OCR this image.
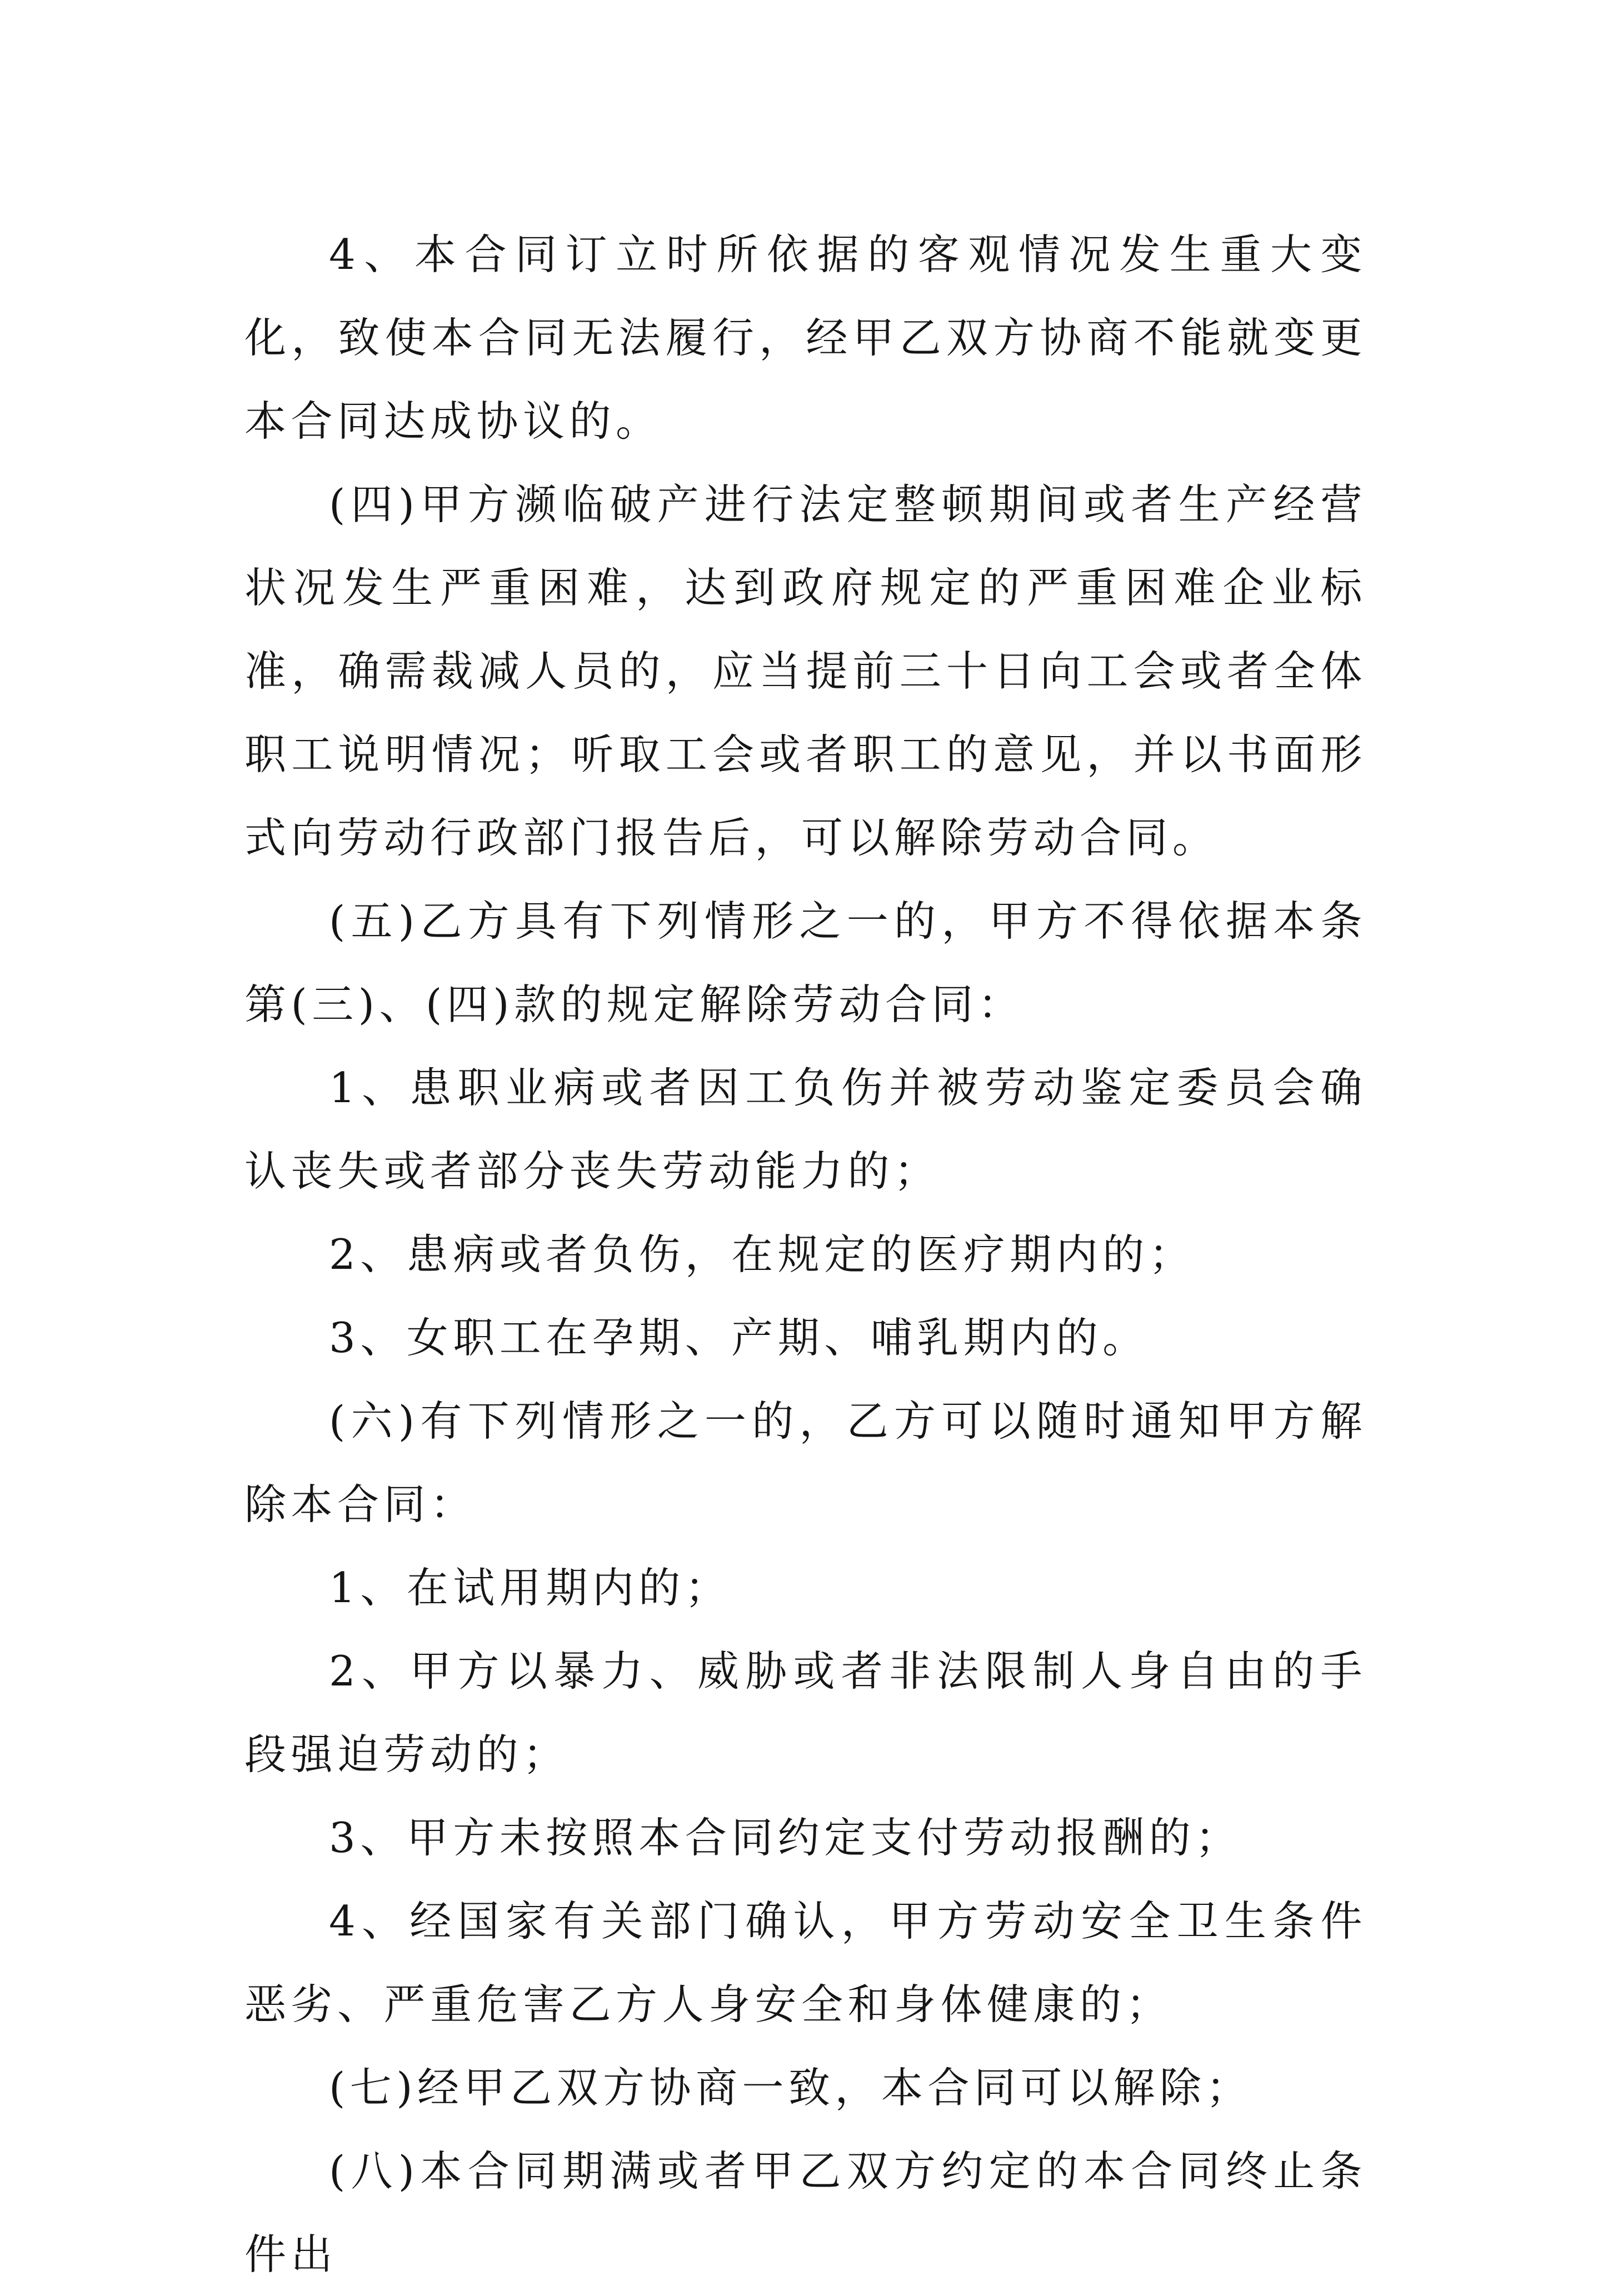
4、本合同订立时所依据的客观情况发生重大变化，致使本合同无法履行，经甲乙双方协商不能就变更本合同达成协议的。

(四)甲方濒临破产进行法定整顿期间或者生产经营状况发生严重困难，达到政府规定的严重困难企业标准，确需裁减人员的，应当提前三十日向工会或者全体职工说明情况；听取工会或者职工的意见，并以书面形式向劳动行政部门报告后，可以解除劳动合同。

(五)乙方具有下列情形之一的，甲方不得依据本条第(三)、(四)款的规定解除劳动合同：

1、患职业病或者因工负伤并被劳动鉴定委员会确认丧失或者部分丧失劳动能力的；

2、患病或者负伤，在规定的医疗期内的；

3、女职工在孕期、产期、哺乳期内的。

(六)有下列情形之一的，乙方可以随时通知甲方解除本合同：

1、在试用期内的；

2、甲方以暴力、威胁或者非法限制人身自由的手段强迫劳动的；

3、甲方未按照本合同约定支付劳动报酬的；

4、经国家有关部门确认，甲方劳动安全卫生条件恶劣、严重危害乙方人身安全和身体健康的；

(七)经甲乙双方协商一致，本合同可以解除；

(八)本合同期满或者甲乙双方约定的本合同终止条件出
